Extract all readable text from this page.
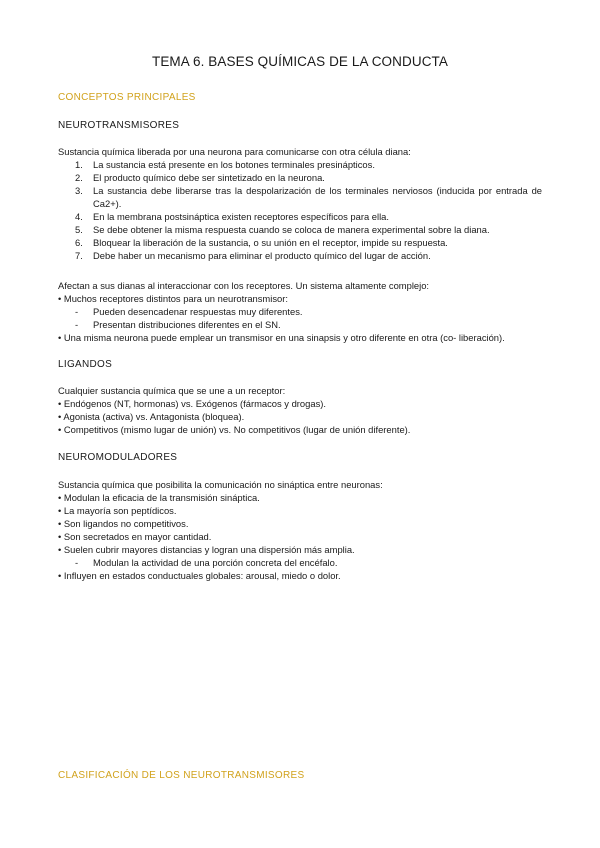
TEMA 6. BASES QUÍMICAS DE LA CONDUCTA
CONCEPTOS PRINCIPALES
NEUROTRANSMISORES
Sustancia química liberada por una neurona para comunicarse con otra célula diana:
1. La sustancia está presente en los botones terminales presinápticos.
2. El producto químico debe ser sintetizado en la neurona.
3. La sustancia debe liberarse tras la despolarización de los terminales nerviosos (inducida por entrada de Ca2+).
4. En la membrana postsináptica existen receptores específicos para ella.
5. Se debe obtener la misma respuesta cuando se coloca de manera experimental sobre la diana.
6. Bloquear la liberación de la sustancia, o su unión en el receptor, impide su respuesta.
7. Debe haber un mecanismo para eliminar el producto químico del lugar de acción.
Afectan a sus dianas al interaccionar con los receptores. Un sistema altamente complejo:
• Muchos receptores distintos para un neurotransmisor:
- Pueden desencadenar respuestas muy diferentes.
- Presentan distribuciones diferentes en el SN.
• Una misma neurona puede emplear un transmisor en una sinapsis y otro diferente en otra (co- liberación).
LIGANDOS
Cualquier sustancia química que se une a un receptor:
• Endógenos (NT, hormonas) vs. Exógenos (fármacos y drogas).
• Agonista (activa) vs. Antagonista (bloquea).
• Competitivos (mismo lugar de unión) vs. No competitivos (lugar de unión diferente).
NEUROMODULADORES
Sustancia química que posibilita la comunicación no sináptica entre neuronas:
• Modulan la eficacia de la transmisión sináptica.
• La mayoría son peptídicos.
• Son ligandos no competitivos.
• Son secretados en mayor cantidad.
• Suelen cubrir mayores distancias y logran una dispersión más amplia.
- Modulan la actividad de una porción concreta del encéfalo.
• Influyen en estados conductuales globales: arousal, miedo o dolor.
CLASIFICACIÓN DE LOS NEUROTRANSMISORES
